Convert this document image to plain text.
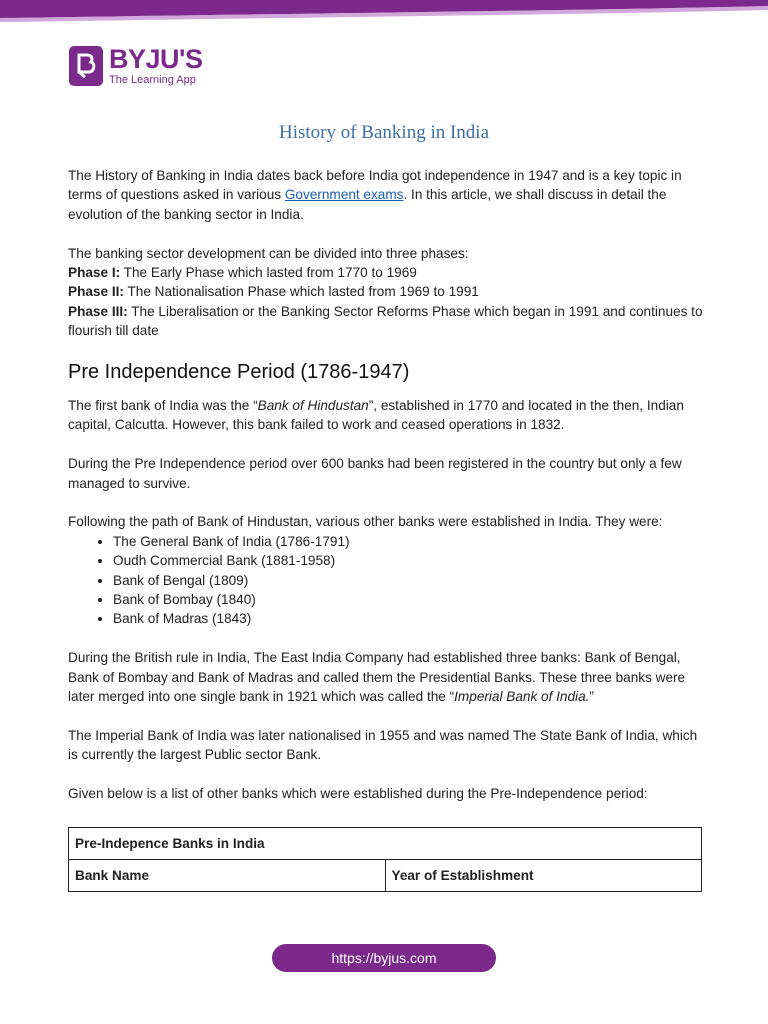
BYJU'S
The Learning App
History of Banking in India

The History of Banking in India dates back before India got independence in 1947 and is a key topic in terms of questions asked in various Government exams. In this article, we shall discuss in detail the evolution of the banking sector in India.

The banking sector development can be divided into three phases:

Phase I: The Early Phase which lasted from 1770 to 1969

Phase II: The Nationalisation Phase which lasted from 1969 to 1991

Phase III: The Liberalisation or the Banking Sector Reforms Phase which began in 1991 and continues to flourish till date

Pre Independence Period (1786-1947)

The first bank of India was the “Bank of Hindustan”, established in 1770 and located in the then, Indian capital, Calcutta. However, this bank failed to work and ceased operations in 1832.

During the Pre Independence period over 600 banks had been registered in the country but only a few managed to survive.

Following the path of Bank of Hindustan, various other banks were established in India. They were:

• The General Bank of India (1786-1791)
• Oudh Commercial Bank (1881-1958)
• Bank of Bengal (1809)
• Bank of Bombay (1840)
• Bank of Madras (1843)

During the British rule in India, The East India Company had established three banks: Bank of Bengal, Bank of Bombay and Bank of Madras and called them the Presidential Banks. These three banks were later merged into one single bank in 1921 which was called the “Imperial Bank of India.”

The Imperial Bank of India was later nationalised in 1955 and was named The State Bank of India, which is currently the largest Public sector Bank.

Given below is a list of other banks which were established during the Pre-Independence period:

Pre-Indepence Banks in India
Bank Name	Year of Establishment
https://byjus.com
